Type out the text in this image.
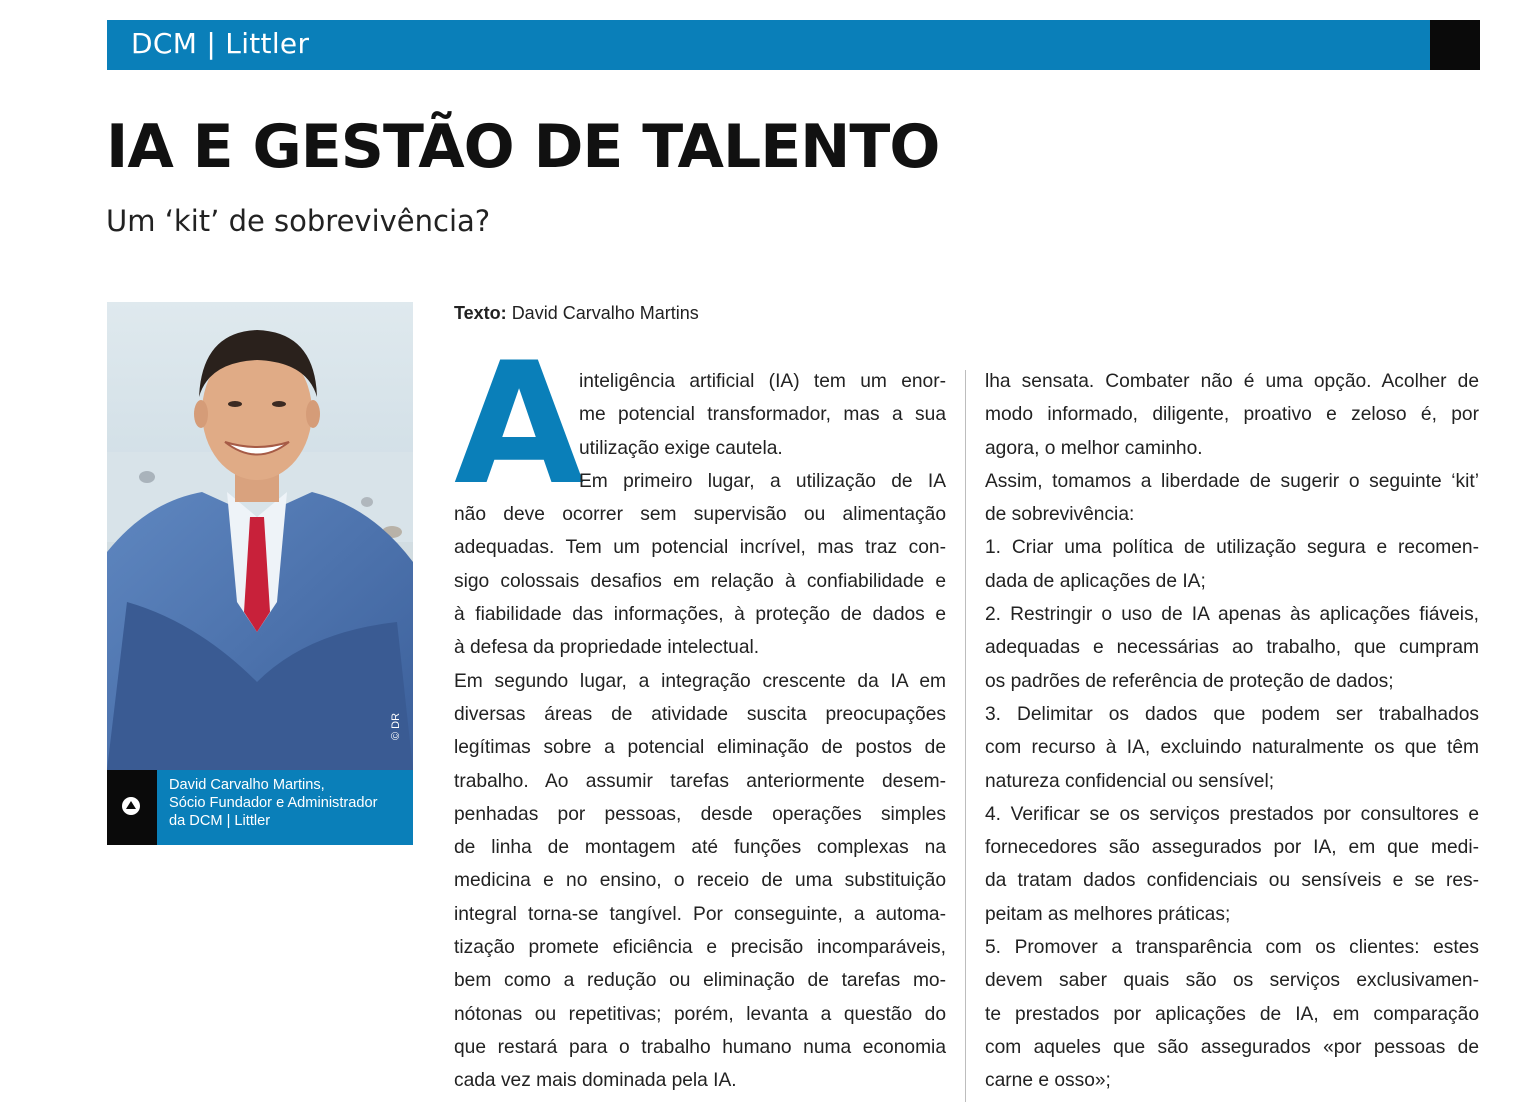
DCM | Littler
IA E GESTÃO DE TALENTO
Um ‘kit’ de sobrevivência?
© DR
David Carvalho Martins,
Sócio Fundador e Administrador
da DCM | Littler
Texto: David Carvalho Martins
A
inteligência artificial (IA) tem um enor-
me potencial transformador, mas a sua
utilização exige cautela.
Em primeiro lugar, a utilização de IA
não deve ocorrer sem supervisão ou alimentação
adequadas. Tem um potencial incrível, mas traz con-
sigo colossais desafios em relação à confiabilidade e
à fiabilidade das informações, à proteção de dados e
à defesa da propriedade intelectual.
Em segundo lugar, a integração crescente da IA em
diversas áreas de atividade suscita preocupações
legítimas sobre a potencial eliminação de postos de
trabalho. Ao assumir tarefas anteriormente desem-
penhadas por pessoas, desde operações simples
de linha de montagem até funções complexas na
medicina e no ensino, o receio de uma substituição
integral torna-se tangível. Por conseguinte, a automa-
tização promete eficiência e precisão incomparáveis,
bem como a redução ou eliminação de tarefas mo-
nótonas ou repetitivas; porém, levanta a questão do
que restará para o trabalho humano numa economia
cada vez mais dominada pela IA.
lha sensata. Combater não é uma opção. Acolher de
modo informado, diligente, proativo e zeloso é, por
agora, o melhor caminho.
Assim, tomamos a liberdade de sugerir o seguinte ‘kit’
de sobrevivência:
1. Criar uma política de utilização segura e recomen-
dada de aplicações de IA;
2. Restringir o uso de IA apenas às aplicações fiáveis,
adequadas e necessárias ao trabalho, que cumpram
os padrões de referência de proteção de dados;
3. Delimitar os dados que podem ser trabalhados
com recurso à IA, excluindo naturalmente os que têm
natureza confidencial ou sensível;
4. Verificar se os serviços prestados por consultores e
fornecedores são assegurados por IA, em que medi-
da tratam dados confidenciais ou sensíveis e se res-
peitam as melhores práticas;
5. Promover a transparência com os clientes: estes
devem saber quais são os serviços exclusivamen-
te prestados por aplicações de IA, em comparação
com aqueles que são assegurados «por pessoas de
carne e osso»;
